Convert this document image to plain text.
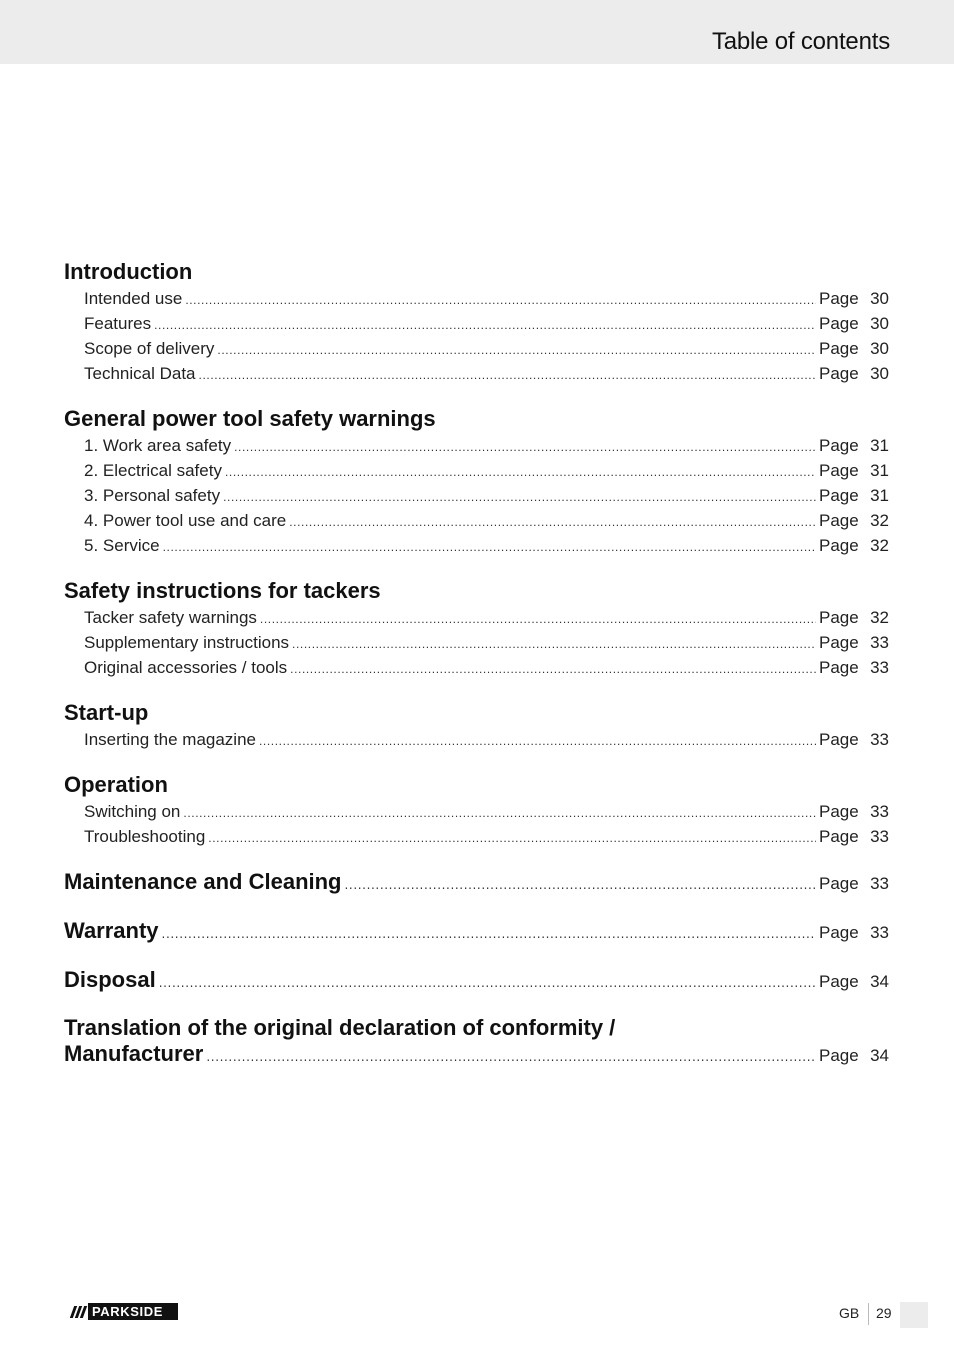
Table of contents
Introduction
Intended use .....	Page 30
Features .....	Page 30
Scope of delivery .....	Page 30
Technical Data .....	Page 30
General power tool safety warnings
1. Work area safety .....	Page 31
2. Electrical safety .....	Page 31
3. Personal safety .....	Page 31
4. Power tool use and care .....	Page 32
5. Service .....	Page 32
Safety instructions for tackers
Tacker safety warnings .....	Page 32
Supplementary instructions .....	Page 33
Original accessories / tools .....	Page 33
Start-up
Inserting the magazine .....	Page 33
Operation
Switching on .....	Page 33
Troubleshooting .....	Page 33
Maintenance and Cleaning .....	Page 33
Warranty .....	Page 33
Disposal .....	Page 34
Translation of the original declaration of conformity /
Manufacturer .....	Page 34
PARKSIDE	GB 29
